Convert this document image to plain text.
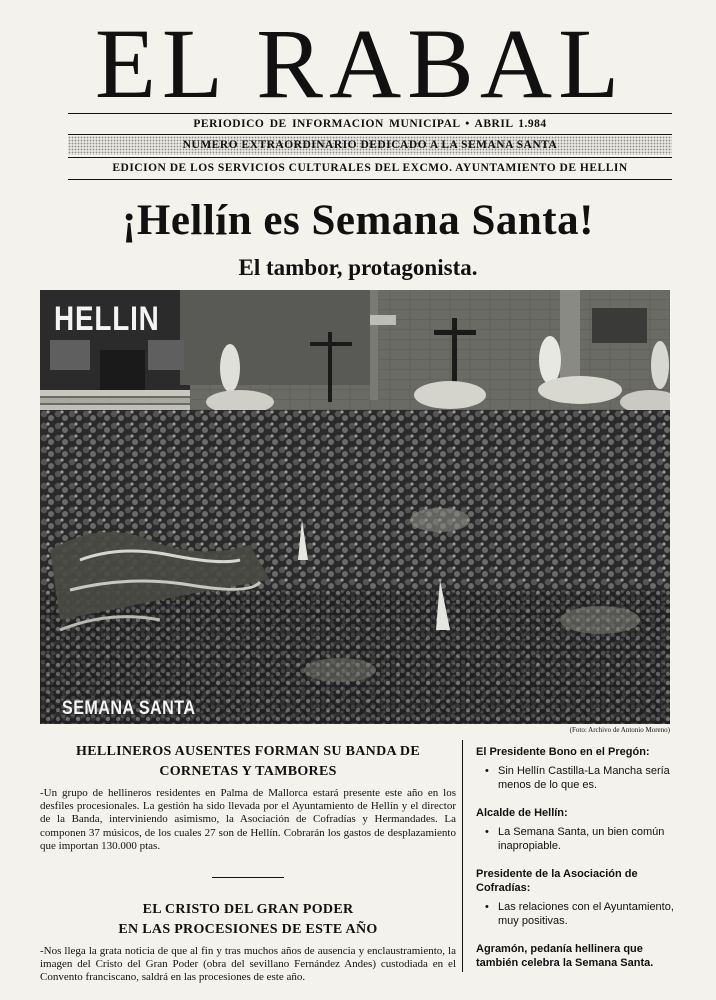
EL RABAL
PERIODICO DE INFORMACION MUNICIPAL • ABRIL 1.984
NUMERO EXTRAORDINARIO DEDICADO A LA SEMANA SANTA
EDICION DE LOS SERVICIOS CULTURALES DEL EXCMO. AYUNTAMIENTO DE HELLIN
¡Hellín es Semana Santa!
El tambor, protagonista.
HELLIN
SEMANA SANTA
(Foto: Archivo de Antonio Moreno)
HELLINEROS AUSENTES FORMAN SU BANDA DE
CORNETAS Y TAMBORES
-Un grupo de hellineros residentes en Palma de Mallorca estará presente este año en los desfiles procesionales. La gestión ha sido llevada por el Ayuntamiento de Hellín y el director de la Banda, interviniendo asimismo, la Asociación de Cofradías y Hermandades. La componen 37 músicos, de los cuales 27 son de Hellín. Cobrarán los gastos de desplazamiento que importan 130.000 ptas.
EL CRISTO DEL GRAN PODER
EN LAS PROCESIONES DE ESTE AÑO
-Nos llega la grata noticia de que al fin y tras muchos años de ausencia y enclaustramiento, la imagen del Cristo del Gran Poder (obra del sevillano Fernández Andes) custodiada en el Convento franciscano, saldrá en las procesiones de este año.
El Presidente Bono en el Pregón:
• Sin Hellín Castilla-La Mancha sería menos de lo que es.
Alcalde de Hellín:
• La Semana Santa, un bien común inapropiable.
Presidente de la Asociación de Cofradías:
• Las relaciones con el Ayuntamiento, muy positivas.
Agramón, pedanía hellinera que también celebra la Semana Santa.
